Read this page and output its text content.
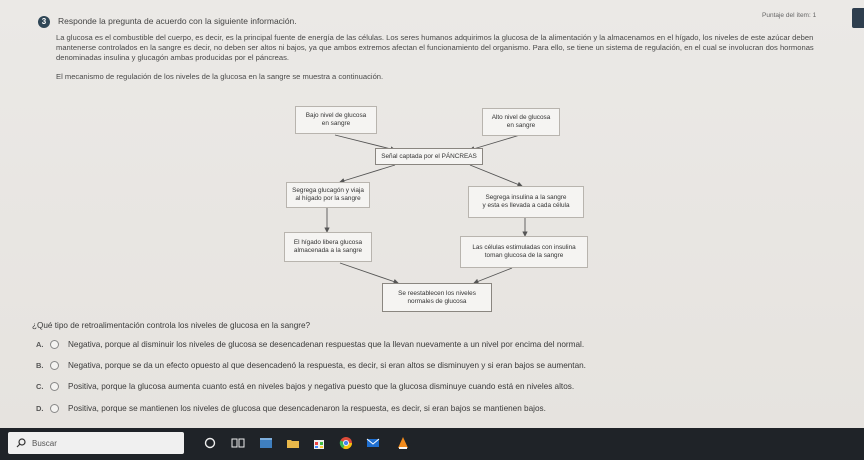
3	Responde la pregunta de acuerdo con la siguiente información.
Puntaje del ítem: 1
La glucosa es el combustible del cuerpo, es decir, es la principal fuente de energía de las células. Los seres humanos adquirimos la glucosa de la alimentación y la almacenamos en el hígado, los niveles de este azúcar deben mantenerse controlados en la sangre es decir, no deben ser altos ni bajos, ya que ambos extremos afectan el funcionamiento del organismo. Para ello, se tiene un sistema de regulación, en el cual se involucran dos hormonas denominadas insulina y glucagón ambas producidas por el páncreas.
El mecanismo de regulación de los niveles de la glucosa en la sangre se muestra a continuación.
Bajo nivel de glucosa
en sangre
Alto nivel de glucosa
en sangre
Señal captada por el PÁNCREAS
Segrega glucagón y viaja
al hígado por la sangre	Segrega insulina a la sangre
y esta es llevada a cada célula
El hígado libera glucosa
almacenada a la sangre	Las células estimuladas con insulina
toman glucosa de la sangre
Se reestablecen los niveles
normales de glucosa
¿Qué tipo de retroalimentación controla los niveles de glucosa en la sangre?
A.	Negativa, porque al disminuir los niveles de glucosa se desencadenan respuestas que la llevan nuevamente a un nivel por encima del normal.
B.	Negativa, porque se da un efecto opuesto al que desencadenó la respuesta, es decir, si eran altos se disminuyen y si eran bajos se aumentan.
C.	Positiva, porque la glucosa aumenta cuanto está en niveles bajos y negativa puesto que la glucosa disminuye cuando está en niveles altos.
D.	Positiva, porque se mantienen los niveles de glucosa que desencadenaron la respuesta, es decir, si eran bajos se mantienen bajos.
Buscar
